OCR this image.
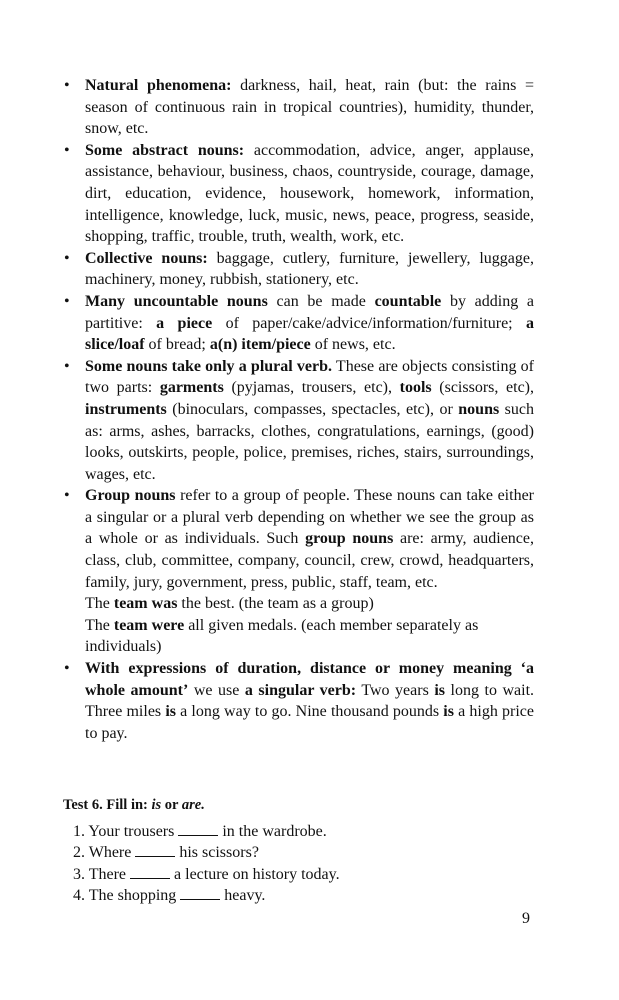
• Natural phenomena: darkness, hail, heat, rain (but: the rains = season of continuous rain in tropical countries), humidity, thunder, snow, etc.
• Some abstract nouns: accommodation, advice, anger, applause, assistance, behaviour, business, chaos, countryside, courage, damage, dirt, education, evidence, housework, homework, information, intelligence, knowledge, luck, music, news, peace, progress, seaside, shopping, traffic, trouble, truth, wealth, work, etc.
• Collective nouns: baggage, cutlery, furniture, jewellery, luggage, machinery, money, rubbish, stationery, etc.
• Many uncountable nouns can be made countable by adding a partitive: a piece of paper/cake/advice/information/furniture; a slice/loaf of bread; a(n) item/piece of news, etc.
• Some nouns take only a plural verb. These are objects consisting of two parts: garments (pyjamas, trousers, etc), tools (scissors, etc), instruments (binoculars, compasses, spectacles, etc), or nouns such as: arms, ashes, barracks, clothes, congratulations, earnings, (good) looks, outskirts, people, police, premises, riches, stairs, surroundings, wages, etc.
• Group nouns refer to a group of people. These nouns can take either a singular or a plural verb depending on whether we see the group as a whole or as individuals. Such group nouns are: army, audience, class, club, committee, company, council, crew, crowd, headquarters, family, jury, government, press, public, staff, team, etc.
The team was the best. (the team as a group)
The team were all given medals. (each member separately as individuals)
• With expressions of duration, distance or money meaning ‘a whole amount’ we use a singular verb: Two years is long to wait. Three miles is a long way to go. Nine thousand pounds is a high price to pay.
Test 6. Fill in: is or are.
1. Your trousers	in the wardrobe.
2. Where	his scissors?
3. There	a lecture on history today.
4. The shopping	heavy.
9
